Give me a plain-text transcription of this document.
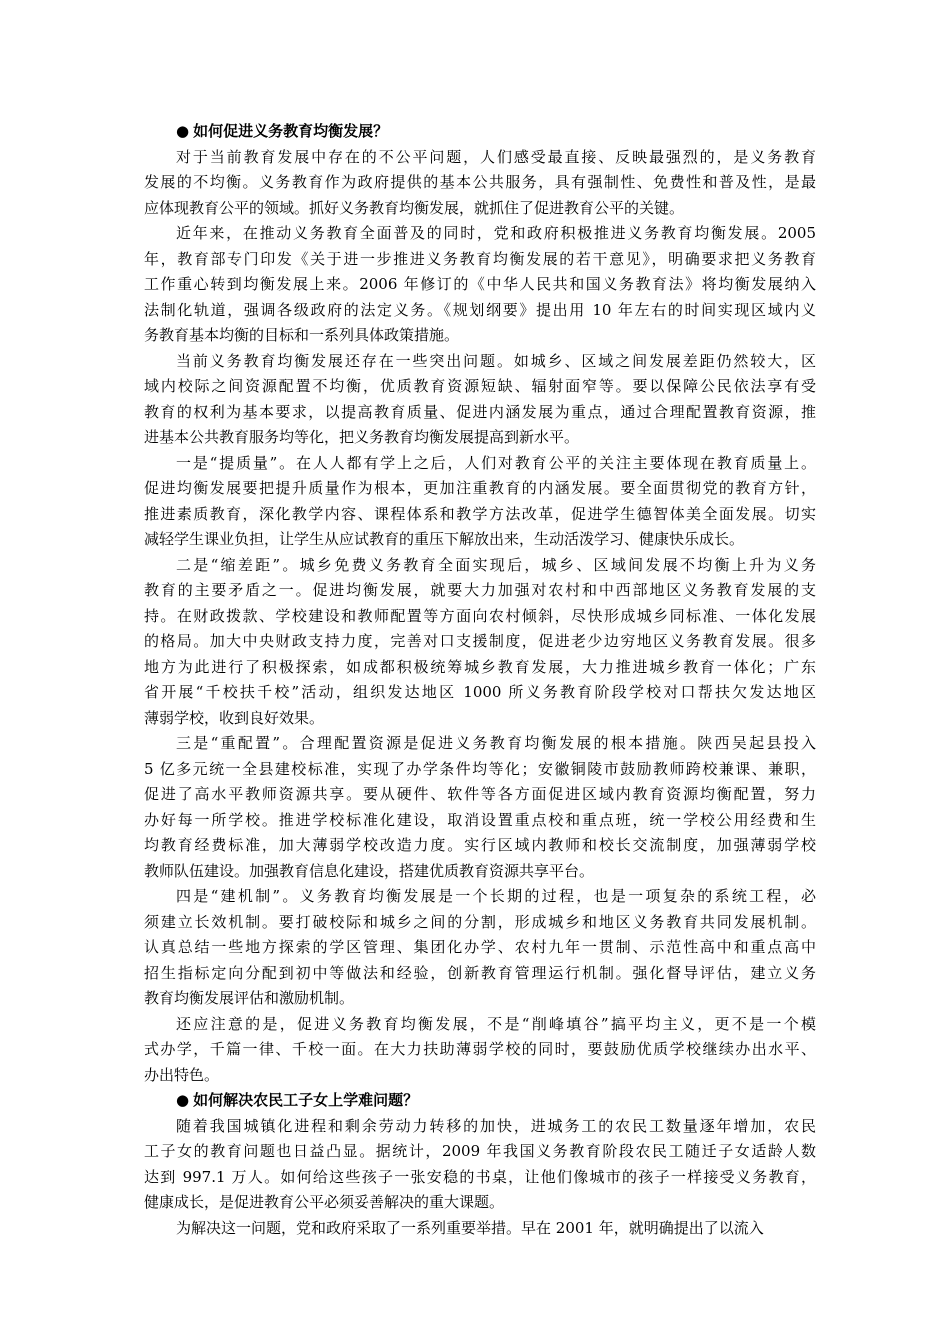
● 如何促进义务教育均衡发展？
对于当前教育发展中存在的不公平问题，人们感受最直接、反映最强烈的，是义务教育
发展的不均衡。义务教育作为政府提供的基本公共服务，具有强制性、免费性和普及性，是最
应体现教育公平的领域。抓好义务教育均衡发展，就抓住了促进教育公平的关键。
近年来，在推动义务教育全面普及的同时，党和政府积极推进义务教育均衡发展。2005
年，教育部专门印发《关于进一步推进义务教育均衡发展的若干意见》，明确要求把义务教育
工作重心转到均衡发展上来。2006 年修订的《中华人民共和国义务教育法》将均衡发展纳入
法制化轨道，强调各级政府的法定义务。《规划纲要》提出用 10 年左右的时间实现区域内义
务教育基本均衡的目标和一系列具体政策措施。
当前义务教育均衡发展还存在一些突出问题。如城乡、区域之间发展差距仍然较大，区
域内校际之间资源配置不均衡，优质教育资源短缺、辐射面窄等。要以保障公民依法享有受
教育的权利为基本要求，以提高教育质量、促进内涵发展为重点，通过合理配置教育资源，推
进基本公共教育服务均等化，把义务教育均衡发展提高到新水平。
一是“提质量”。在人人都有学上之后，人们对教育公平的关注主要体现在教育质量上。
促进均衡发展要把提升质量作为根本，更加注重教育的内涵发展。要全面贯彻党的教育方针，
推进素质教育，深化教学内容、课程体系和教学方法改革，促进学生德智体美全面发展。切实
减轻学生课业负担，让学生从应试教育的重压下解放出来，生动活泼学习、健康快乐成长。
二是“缩差距”。城乡免费义务教育全面实现后，城乡、区域间发展不均衡上升为义务
教育的主要矛盾之一。促进均衡发展，就要大力加强对农村和中西部地区义务教育发展的支
持。在财政拨款、学校建设和教师配置等方面向农村倾斜，尽快形成城乡同标准、一体化发展
的格局。加大中央财政支持力度，完善对口支援制度，促进老少边穷地区义务教育发展。很多
地方为此进行了积极探索，如成都积极统筹城乡教育发展，大力推进城乡教育一体化；广东
省开展“千校扶千校”活动，组织发达地区 1000 所义务教育阶段学校对口帮扶欠发达地区
薄弱学校，收到良好效果。
三是“重配置”。合理配置资源是促进义务教育均衡发展的根本措施。陕西吴起县投入
5 亿多元统一全县建校标准，实现了办学条件均等化；安徽铜陵市鼓励教师跨校兼课、兼职，
促进了高水平教师资源共享。要从硬件、软件等各方面促进区域内教育资源均衡配置，努力
办好每一所学校。推进学校标准化建设，取消设置重点校和重点班，统一学校公用经费和生
均教育经费标准，加大薄弱学校改造力度。实行区域内教师和校长交流制度，加强薄弱学校
教师队伍建设。加强教育信息化建设，搭建优质教育资源共享平台。
四是“建机制”。义务教育均衡发展是一个长期的过程，也是一项复杂的系统工程，必
须建立长效机制。要打破校际和城乡之间的分割，形成城乡和地区义务教育共同发展机制。
认真总结一些地方探索的学区管理、集团化办学、农村九年一贯制、示范性高中和重点高中
招生指标定向分配到初中等做法和经验，创新教育管理运行机制。强化督导评估，建立义务
教育均衡发展评估和激励机制。
还应注意的是，促进义务教育均衡发展，不是“削峰填谷”搞平均主义，更不是一个模
式办学，千篇一律、千校一面。在大力扶助薄弱学校的同时，要鼓励优质学校继续办出水平、
办出特色。
● 如何解决农民工子女上学难问题？
随着我国城镇化进程和剩余劳动力转移的加快，进城务工的农民工数量逐年增加，农民
工子女的教育问题也日益凸显。据统计，2009 年我国义务教育阶段农民工随迁子女适龄人数
达到 997.1 万人。如何给这些孩子一张安稳的书桌，让他们像城市的孩子一样接受义务教育，
健康成长，是促进教育公平必须妥善解决的重大课题。
为解决这一问题，党和政府采取了一系列重要举措。早在 2001 年，就明确提出了以流入
